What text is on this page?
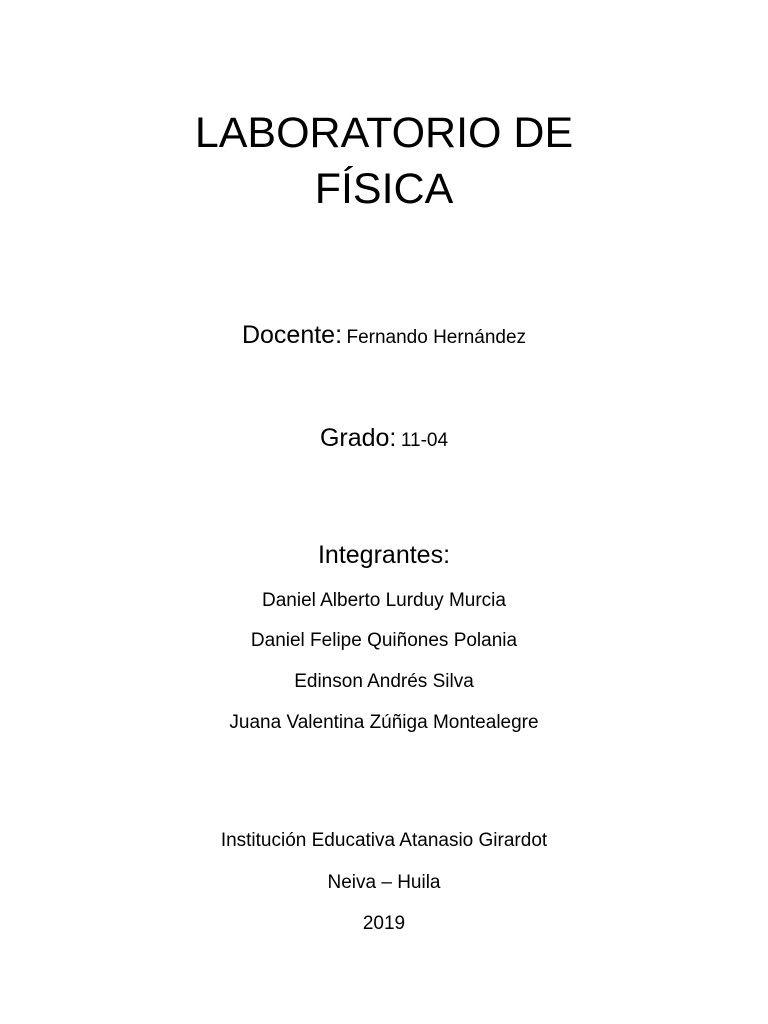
LABORATORIO DE
FÍSICA
Docente: Fernando Hernández
Grado: 11-04
Integrantes:
Daniel Alberto Lurduy Murcia
Daniel Felipe Quiñones Polania
Edinson Andrés Silva
Juana Valentina Zúñiga Montealegre
Institución Educativa Atanasio Girardot
Neiva – Huila
2019
